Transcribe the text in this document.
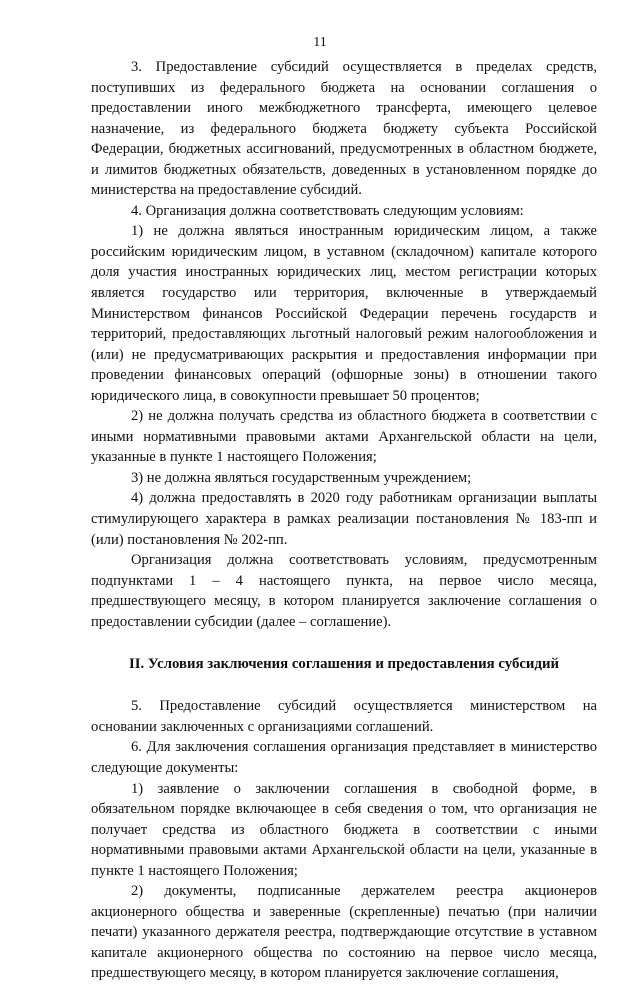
11

3. Предоставление субсидий осуществляется в пределах средств, поступивших из федерального бюджета на основании соглашения о предоставлении иного межбюджетного трансферта, имеющего целевое назначение, из федерального бюджета бюджету субъекта Российской Федерации, бюджетных ассигнований, предусмотренных в областном бюджете, и лимитов бюджетных обязательств, доведенных в установленном порядке до министерства на предоставление субсидий.

4. Организация должна соответствовать следующим условиям:

1) не должна являться иностранным юридическим лицом, а также российским юридическим лицом, в уставном (складочном) капитале которого доля участия иностранных юридических лиц, местом регистрации которых является государство или территория, включенные в утверждаемый Министерством финансов Российской Федерации перечень государств и территорий, предоставляющих льготный налоговый режим налогообложения и (или) не предусматривающих раскрытия и предоставления информации при проведении финансовых операций (офшорные зоны) в отношении такого юридического лица, в совокупности превышает 50 процентов;

2) не должна получать средства из областного бюджета в соответствии с иными нормативными правовыми актами Архангельской области на цели, указанные в пункте 1 настоящего Положения;

3) не должна являться государственным учреждением;

4) должна предоставлять в 2020 году работникам организации выплаты стимулирующего характера в рамках реализации постановления № 183-пп и (или) постановления № 202-пп.

Организация должна соответствовать условиям, предусмотренным подпунктами 1 – 4 настоящего пункта, на первое число месяца, предшествующего месяцу, в котором планируется заключение соглашения о предоставлении субсидии (далее – соглашение).

II. Условия заключения соглашения и предоставления субсидий

5. Предоставление субсидий осуществляется министерством на основании заключенных с организациями соглашений.

6. Для заключения соглашения организация представляет в министерство следующие документы:

1) заявление о заключении соглашения в свободной форме, в обязательном порядке включающее в себя сведения о том, что организация не получает средства из областного бюджета в соответствии с иными нормативными правовыми актами Архангельской области на цели, указанные в пункте 1 настоящего Положения;

2) документы, подписанные держателем реестра акционеров акционерного общества и заверенные (скрепленные) печатью (при наличии печати) указанного держателя реестра, подтверждающие отсутствие в уставном капитале акционерного общества по состоянию на первое число месяца, предшествующего месяцу, в котором планируется заключение соглашения,
